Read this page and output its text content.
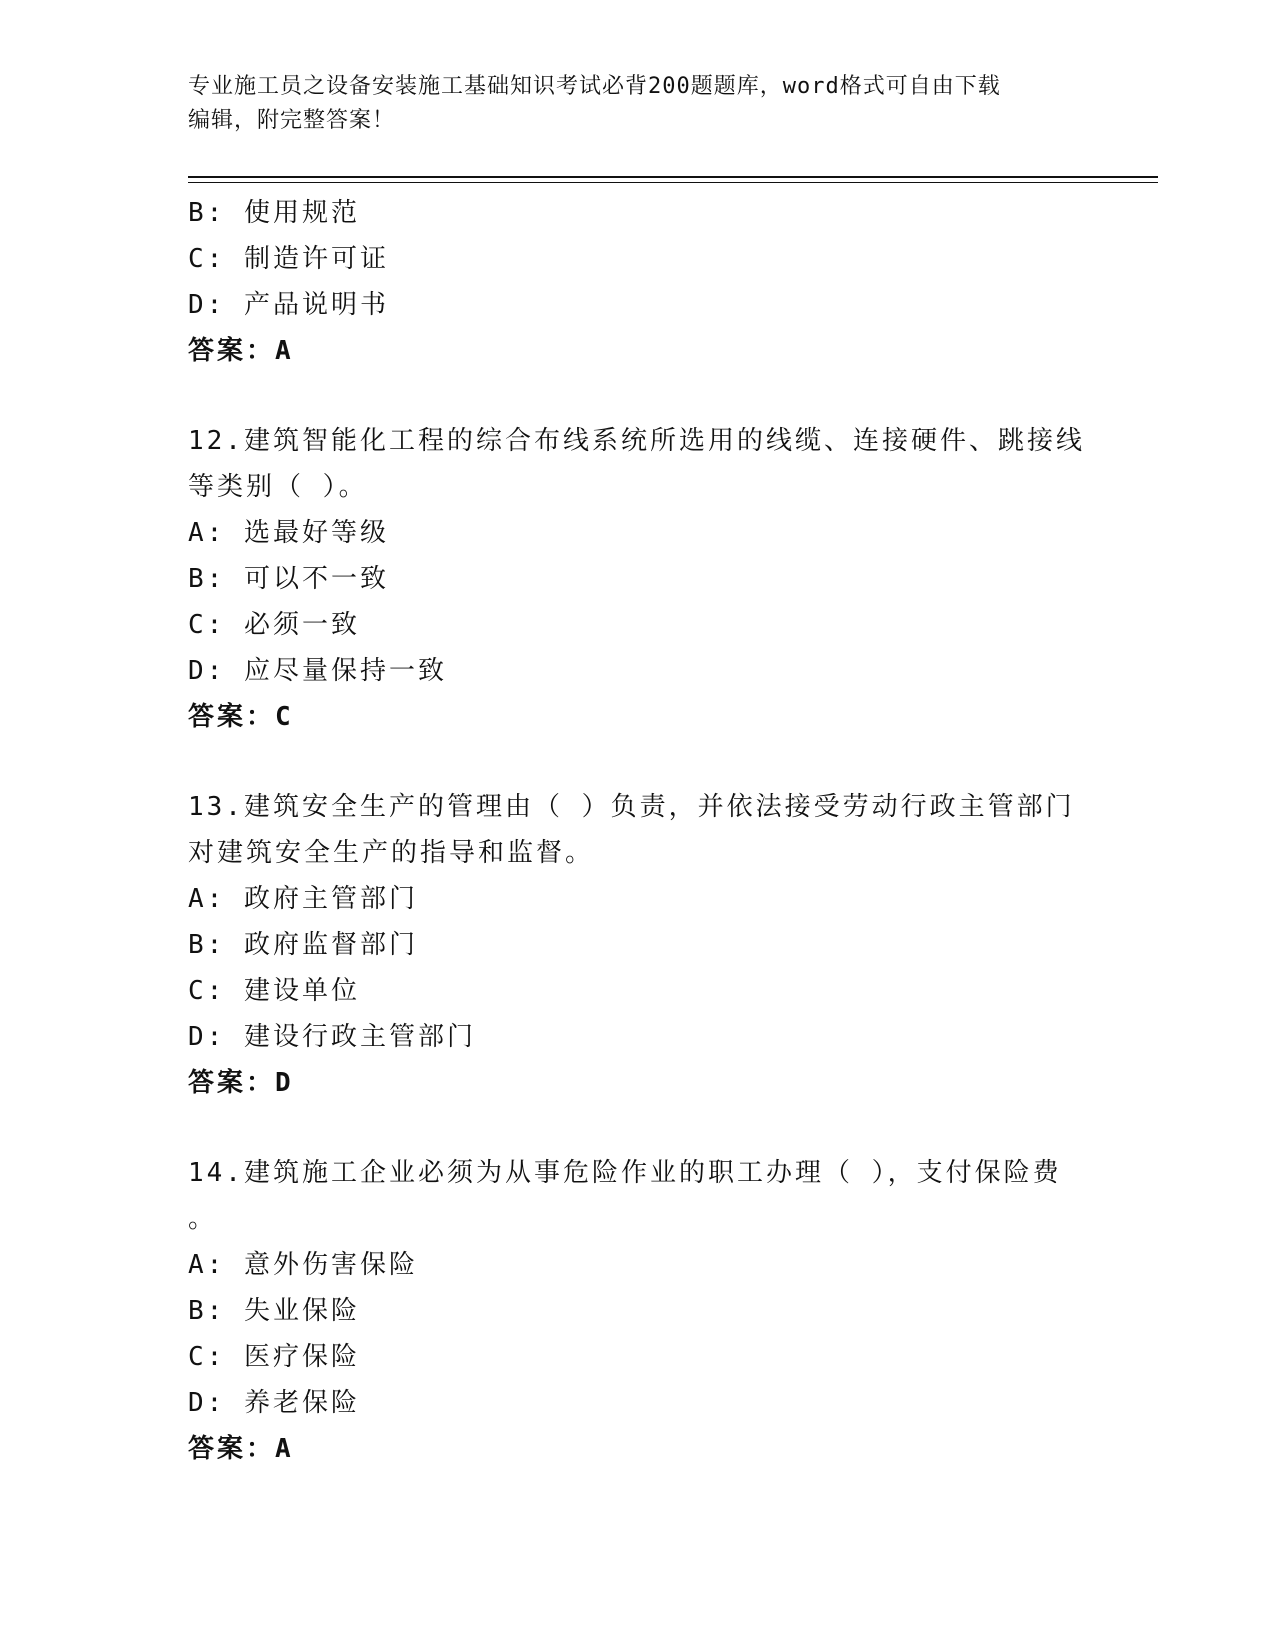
专业施工员之设备安装施工基础知识考试必背200题题库，word格式可自由下载
编辑，附完整答案！
B: 使用规范
C: 制造许可证
D: 产品说明书
答案：A
12.建筑智能化工程的综合布线系统所选用的线缆、连接硬件、跳接线
等类别（ ）。
A: 选最好等级
B: 可以不一致
C: 必须一致
D: 应尽量保持一致
答案：C
13.建筑安全生产的管理由（ ）负责，并依法接受劳动行政主管部门
对建筑安全生产的指导和监督。
A: 政府主管部门
B: 政府监督部门
C: 建设单位
D: 建设行政主管部门
答案：D
14.建筑施工企业必须为从事危险作业的职工办理（ ），支付保险费
。
A: 意外伤害保险
B: 失业保险
C: 医疗保险
D: 养老保险
答案：A
